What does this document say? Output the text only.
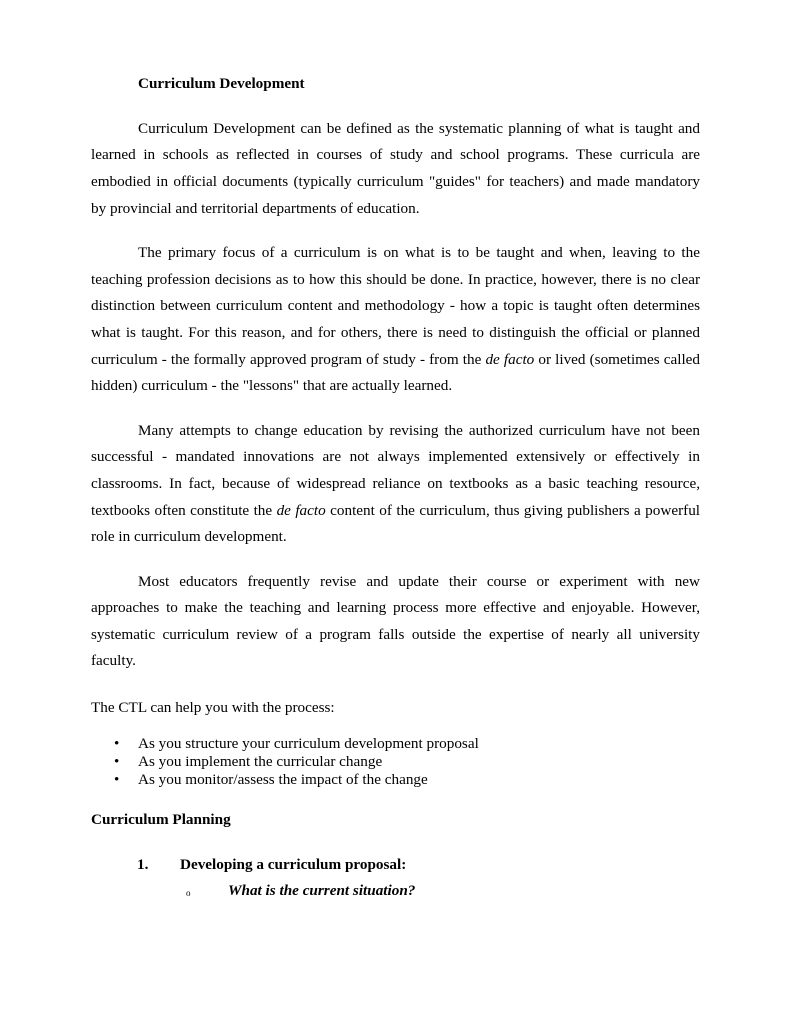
Curriculum Development

Curriculum Development can be defined as the systematic planning of what is taught and learned in schools as reflected in courses of study and school programs. These curricula are embodied in official documents (typically curriculum "guides" for teachers) and made mandatory by provincial and territorial departments of education.

The primary focus of a curriculum is on what is to be taught and when, leaving to the teaching profession decisions as to how this should be done. In practice, however, there is no clear distinction between curriculum content and methodology - how a topic is taught often determines what is taught. For this reason, and for others, there is need to distinguish the official or planned curriculum - the formally approved program of study - from the de facto or lived (sometimes called hidden) curriculum - the "lessons" that are actually learned.

Many attempts to change education by revising the authorized curriculum have not been successful - mandated innovations are not always implemented extensively or effectively in classrooms. In fact, because of widespread reliance on textbooks as a basic teaching resource, textbooks often constitute the de facto content of the curriculum, thus giving publishers a powerful role in curriculum development.

Most educators frequently revise and update their course or experiment with new approaches to make the teaching and learning process more effective and enjoyable. However, systematic curriculum review of a program falls outside the expertise of nearly all university faculty.

The CTL can help you with the process:

•	As you structure your curriculum development proposal
•	As you implement the curricular change
•	As you monitor/assess the impact of the change
Curriculum Planning
1. Developing a curriculum proposal:
o What is the current situation?
